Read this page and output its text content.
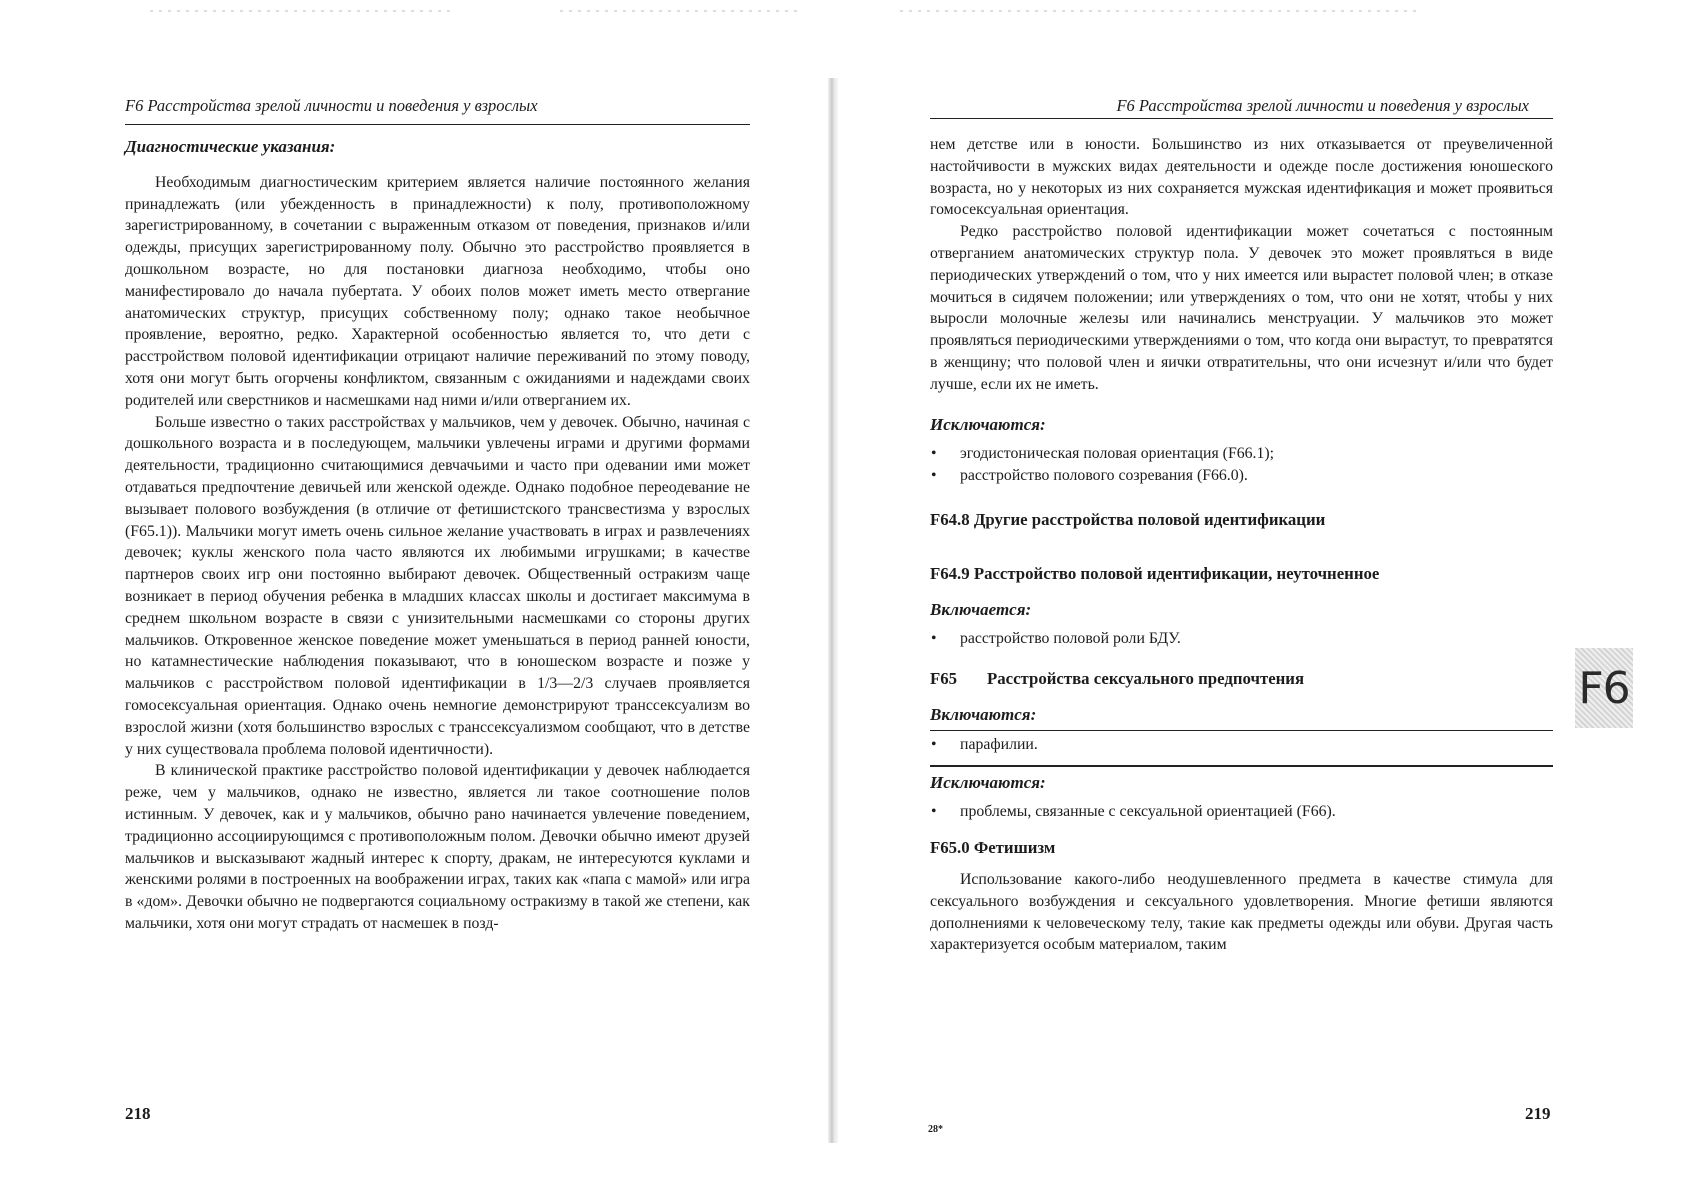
F6 Расстройства зрелой личности и поведения у взрослых
Диагностические указания:

Необходимым диагностическим критерием является наличие постоянного желания принадлежать (или убежденность в принадлежности) к полу, противоположному зарегистрированному, в сочетании с выраженным отказом от поведения, признаков и/или одежды, присущих зарегистрированному полу. Обычно это расстройство проявляется в дошкольном возрасте, но для постановки диагноза необходимо, чтобы оно манифестировало до начала пубертата. У обоих полов может иметь место отвергание анатомических структур, присущих собственному полу; однако такое необычное проявление, вероятно, редко. Характерной особенностью является то, что дети с расстройством половой идентификации отрицают наличие переживаний по этому поводу, хотя они могут быть огорчены конфликтом, связанным с ожиданиями и надеждами своих родителей или сверстников и насмешками над ними и/или отверганием их.

Больше известно о таких расстройствах у мальчиков, чем у девочек. Обычно, начиная с дошкольного возраста и в последующем, мальчики увлечены играми и другими формами деятельности, традиционно считающимися девчачьими и часто при одевании ими может отдаваться предпочтение девичьей или женской одежде. Однако подобное переодевание не вызывает полового возбуждения (в отличие от фетишистского трансвестизма у взрослых (F65.1)). Мальчики могут иметь очень сильное желание участвовать в играх и развлечениях девочек; куклы женского пола часто являются их любимыми игрушками; в качестве партнеров своих игр они постоянно выбирают девочек. Общественный остракизм чаще возникает в период обучения ребенка в младших классах школы и достигает максимума в среднем школьном возрасте в связи с унизительными насмешками со стороны других мальчиков. Откровенное женское поведение может уменьшаться в период ранней юности, но катамнестические наблюдения показывают, что в юношеском возрасте и позже у мальчиков с расстройством половой идентификации в 1/3—2/3 случаев проявляется гомосексуальная ориентация. Однако очень немногие демонстрируют транссексуализм во взрослой жизни (хотя большинство взрослых с транссексуализмом сообщают, что в детстве у них существовала проблема половой идентичности).

В клинической практике расстройство половой идентификации у девочек наблюдается реже, чем у мальчиков, однако не известно, является ли такое соотношение полов истинным. У девочек, как и у мальчиков, обычно рано начинается увлечение поведением, традиционно ассоциирующимся с противоположным полом. Девочки обычно имеют друзей мальчиков и высказывают жадный интерес к спорту, дракам, не интересуются куклами и женскими ролями в построенных на воображении играх, таких как «папа с мамой» или игра в «дом». Девочки обычно не подвергаются социальному остракизму в такой же степени, как мальчики, хотя они могут страдать от насмешек в позд-

218
F6 Расстройства зрелой личности и поведения у взрослых

нем детстве или в юности. Большинство из них отказывается от преувеличенной настойчивости в мужских видах деятельности и одежде после достижения юношеского возраста, но у некоторых из них сохраняется мужская идентификация и может проявиться гомосексуальная ориентация.

Редко расстройство половой идентификации может сочетаться с постоянным отверганием анатомических структур пола. У девочек это может проявляться в виде периодических утверждений о том, что у них имеется или вырастет половой член; в отказе мочиться в сидячем положении; или утверждениях о том, что они не хотят, чтобы у них выросли молочные железы или начинались менструации. У мальчиков это может проявляться периодическими утверждениями о том, что когда они вырастут, то превратятся в женщину; что половой член и яички отвратительны, что они исчезнут и/или что будет лучше, если их не иметь.

Исключаются:
• эгодистоническая половая ориентация (F66.1);
• расстройство полового созревания (F66.0).
F64.8 Другие расстройства половой идентификации
F64.9 Расстройство половой идентификации, неуточненное
Включается:
• расстройство половой роли БДУ.
F65 Расстройства сексуального предпочтения
Включаются:
• парафилии.
Исключаются:
• проблемы, связанные с сексуальной ориентацией (F66).
F65.0 Фетишизм

Использование какого-либо неодушевленного предмета в качестве стимула для сексуального возбуждения и сексуального удовлетворения. Многие фетиши являются дополнениями к человеческому телу, такие как предметы одежды или обуви. Другая часть характеризуется особым материалом, таким

F6
28*
219
